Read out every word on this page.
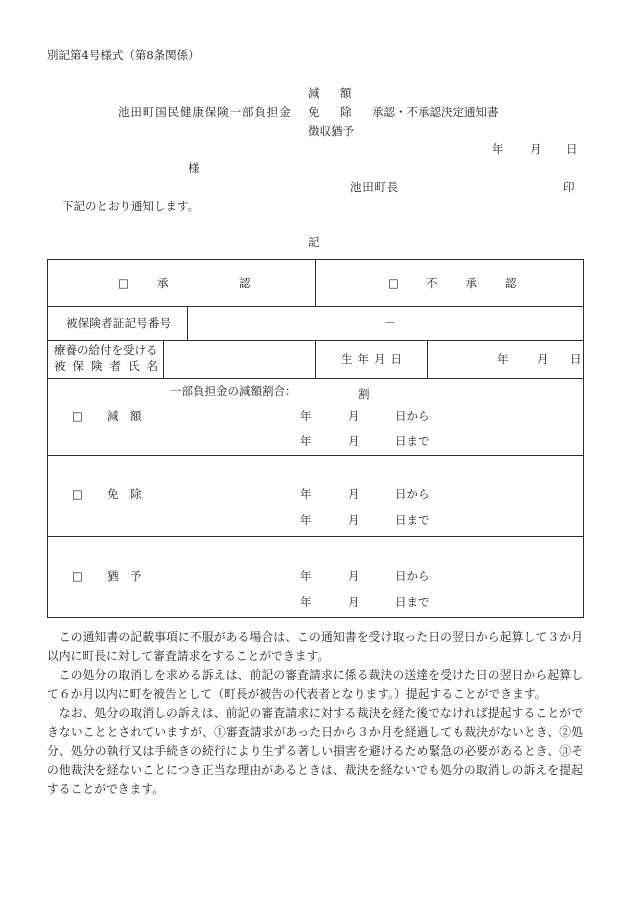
別記第4号様式（第8条関係）
減額
池田町国民健康保険一部負担金 免除 承認・不承認決定通知書
徴収猶予
年 月 日
様
池田町長	印
下記のとおり通知します。
記
□ 承認	□ 不承認
被保険者証記号番号	－
療養の給付を受ける
被保険者氏名	生年月日	年 月 日
一部負担金の減額割合：	割
□ 減額	年	月	日から
年	月	日まで
□ 免除	年	月	日から
年	月	日まで
□ 猶予	年	月	日から
年	月	日まで

この通知書の記載事項に不服がある場合は、この通知書を受け取った日の翌日から起算して３か月以内に町長に対して審査請求をすることができます。

この処分の取消しを求める訴えは、前記の審査請求に係る裁決の送達を受けた日の翌日から起算して６か月以内に町を被告として（町長が被告の代表者となります。）提起することができます。

なお、処分の取消しの訴えは、前記の審査請求に対する裁決を経た後でなければ提起することができないこととされていますが、①審査請求があった日から３か月を経過しても裁決がないとき、②処分、処分の執行又は手続きの続行により生ずる著しい損害を避けるため緊急の必要があるとき、③その他裁決を経ないことにつき正当な理由があるときは、裁決を経ないでも処分の取消しの訴えを提起することができます。
